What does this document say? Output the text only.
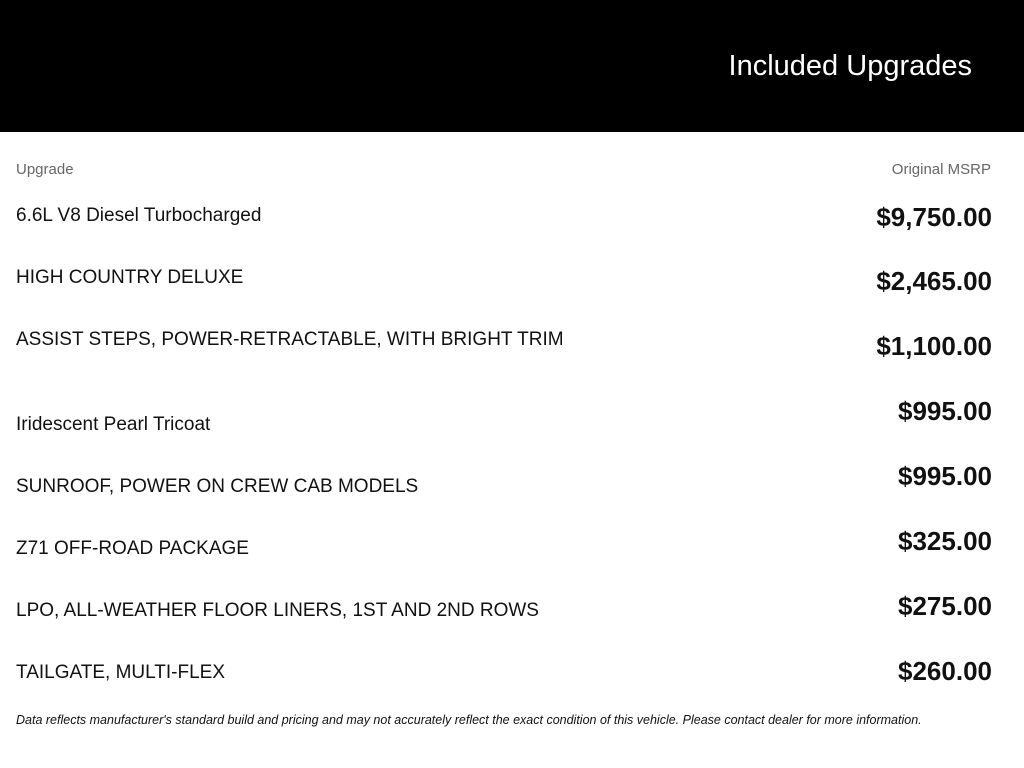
Included Upgrades
Upgrade	Original MSRP
6.6L V8 Diesel Turbocharged	$9,750.00
HIGH COUNTRY DELUXE	$2,465.00
ASSIST STEPS, POWER-RETRACTABLE, WITH BRIGHT TRIM	$1,100.00
Iridescent Pearl Tricoat	$995.00
SUNROOF, POWER ON CREW CAB MODELS	$995.00
Z71 OFF-ROAD PACKAGE	$325.00
LPO, ALL-WEATHER FLOOR LINERS, 1ST AND 2ND ROWS	$275.00
TAILGATE, MULTI-FLEX	$260.00
Data reflects manufacturer's standard build and pricing and may not accurately reflect the exact condition of this vehicle. Please contact dealer for more information.
